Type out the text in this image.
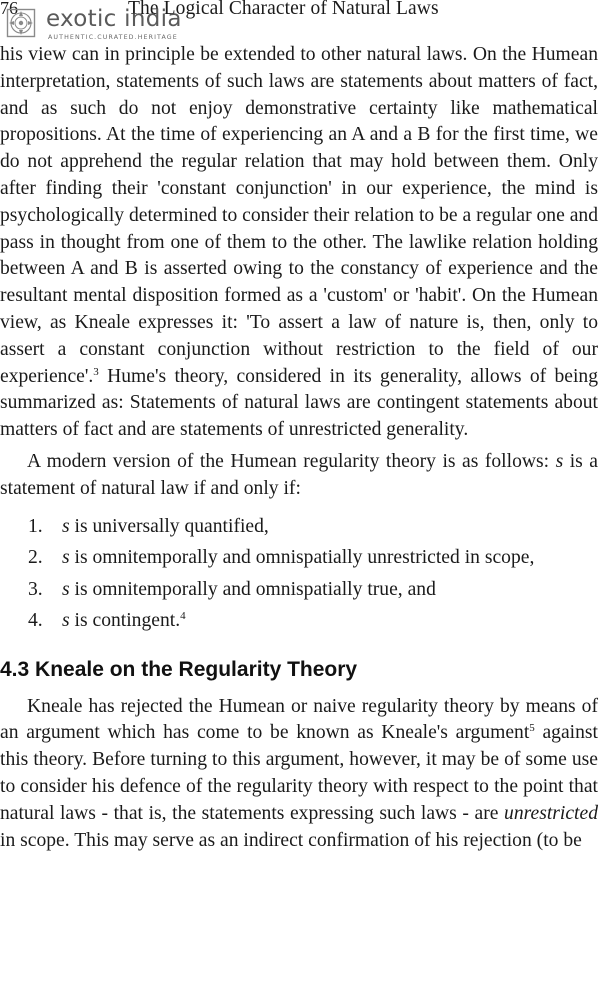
76	The Logical Character of Natural Laws
exotic india
AUTHENTIC.CURATED.HERITAGE

his view can in principle be extended to other natural laws. On the Humean interpretation, statements of such laws are statements about matters of fact, and as such do not enjoy demonstrative certainty like mathematical propositions. At the time of experiencing an A and a B for the first time, we do not apprehend the regular relation that may hold between them. Only after finding their 'constant conjunction' in our experience, the mind is psychologically determined to consider their relation to be a regular one and pass in thought from one of them to the other. The lawlike relation holding between A and B is asserted owing to the constancy of experience and the resultant mental disposition formed as a 'custom' or 'habit'. On the Humean view, as Kneale expresses it: 'To assert a law of nature is, then, only to assert a constant conjunction without restriction to the field of our experience'.$^3$ Hume's theory, considered in its generality, allows of being summarized as: Statements of natural laws are contingent statements about matters of fact and are statements of unrestricted generality.

A modern version of the Humean regularity theory is as follows: s is a statement of natural law if and only if:

1. s is universally quantified,
2. s is omnitemporally and omnispatially unrestricted in scope,
3. s is omnitemporally and omnispatially true, and
4. s is contingent.$^4$
4.3 Kneale on the Regularity Theory

Kneale has rejected the Humean or naive regularity theory by means of an argument which has come to be known as Kneale's argument$^5$ against this theory. Before turning to this argument, however, it may be of some use to consider his defence of the regularity theory with respect to the point that natural laws - that is, the statements expressing such laws - are unrestricted in scope. This may serve as an indirect confirmation of his rejection (to be
